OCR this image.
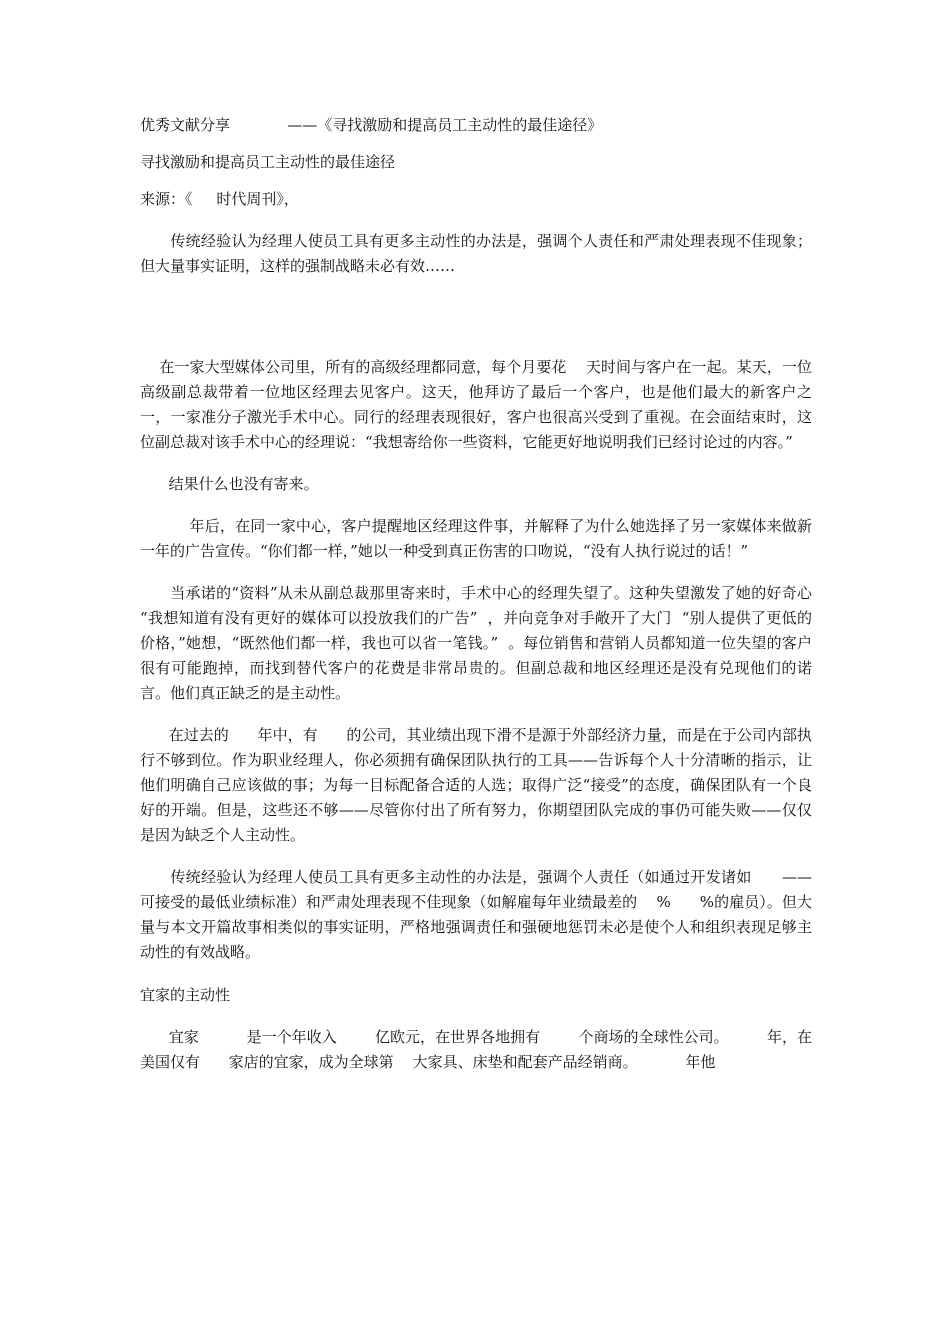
优秀文献分享            ——《寻找激励和提高员工主动性的最佳途径》

寻找激励和提高员工主动性的最佳途径

来源：《     时代周刊》，

传统经验认为经理人使员工具有更多主动性的办法是，强调个人责任和严肃处理表现不佳现象；但大量事实证明，这样的强制战略未必有效……

在一家大型媒体公司里，所有的高级经理都同意，每个月要花    天时间与客户在一起。某天，一位高级副总裁带着一位地区经理去见客户。这天，他拜访了最后一个客户，也是他们最大的新客户之一，一家准分子激光手术中心。同行的经理表现很好，客户也很高兴受到了重视。在会面结束时，这位副总裁对该手术中心的经理说：“我想寄给你一些资料，它能更好地说明我们已经讨论过的内容。”

结果什么也没有寄来。

年后，在同一家中心，客户提醒地区经理这件事，并解释了为什么她选择了另一家媒体来做新一年的广告宣传。“你们都一样，”她以一种受到真正伤害的口吻说，“没有人执行说过的话！”

当承诺的“资料”从未从副总裁那里寄来时，手术中心的经理失望了。这种失望激发了她的好奇心  “我想知道有没有更好的媒体可以投放我们的广告”  ，并向竞争对手敞开了大门  “别人提供了更低的价格，”她想，“既然他们都一样，我也可以省一笔钱。”  。每位销售和营销人员都知道一位失望的客户很有可能跑掉，而找到替代客户的花费是非常昂贵的。但副总裁和地区经理还是没有兑现他们的诺言。他们真正缺乏的是主动性。

在过去的      年中，有      的公司，其业绩出现下滑不是源于外部经济力量，而是在于公司内部执行不够到位。作为职业经理人，你必须拥有确保团队执行的工具——告诉每个人十分清晰的指示，让他们明确自己应该做的事；为每一目标配备合适的人选；取得广泛“接受”的态度，确保团队有一个良好的开端。但是，这些还不够——尽管你付出了所有努力，你期望团队完成的事仍可能失败——仅仅是因为缺乏个人主动性。

传统经验认为经理人使员工具有更多主动性的办法是，强调个人责任（如通过开发诸如      ——可接受的最低业绩标准）和严肃处理表现不佳现象（如解雇每年业绩最差的    %      %的雇员）。但大量与本文开篇故事相类似的事实证明，严格地强调责任和强硬地惩罚未必是使个人和组织表现足够主动性的有效战略。

宜家的主动性

宜家          是一个年收入        亿欧元，在世界各地拥有        个商场的全球性公司。        年，在美国仅有      家店的宜家，成为全球第    大家具、床垫和配套产品经销商。          年他
